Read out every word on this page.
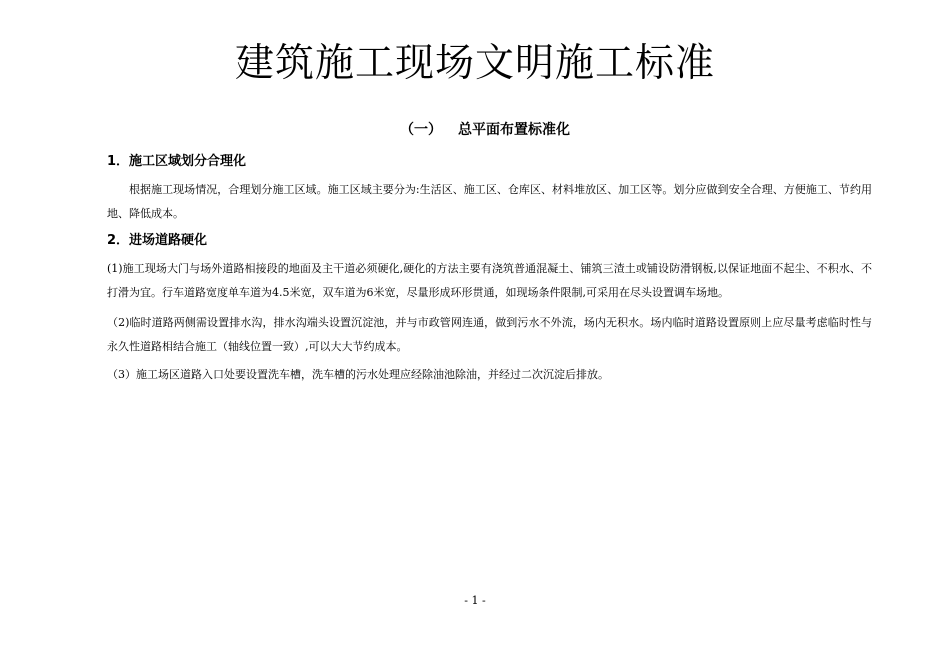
建筑施工现场文明施工标准
（一） 总平面布置标准化
1．施工区域划分合理化
根据施工现场情况，合理划分施工区域。施工区域主要分为:生活区、施工区、仓库区、材料堆放区、加工区等。划分应做到安全合理、方便施工、节约用地、降低成本。
2．进场道路硬化
(1)施工现场大门与场外道路相接段的地面及主干道必须硬化,硬化的方法主要有浇筑普通混凝土、铺筑三渣土或铺设防滑钢板,以保证地面不起尘、不积水、不打滑为宜。行车道路宽度单车道为4.5米宽，双车道为6米宽，尽量形成环形贯通，如现场条件限制,可采用在尽头设置调车场地。
（2)临时道路两侧需设置排水沟，排水沟端头设置沉淀池，并与市政管网连通，做到污水不外流，场内无积水。场内临时道路设置原则上应尽量考虑临时性与永久性道路相结合施工（轴线位置一致）,可以大大节约成本。
（3）施工场区道路入口处要设置洗车槽，洗车槽的污水处理应经除油池除油，并经过二次沉淀后排放。
- 1 -
